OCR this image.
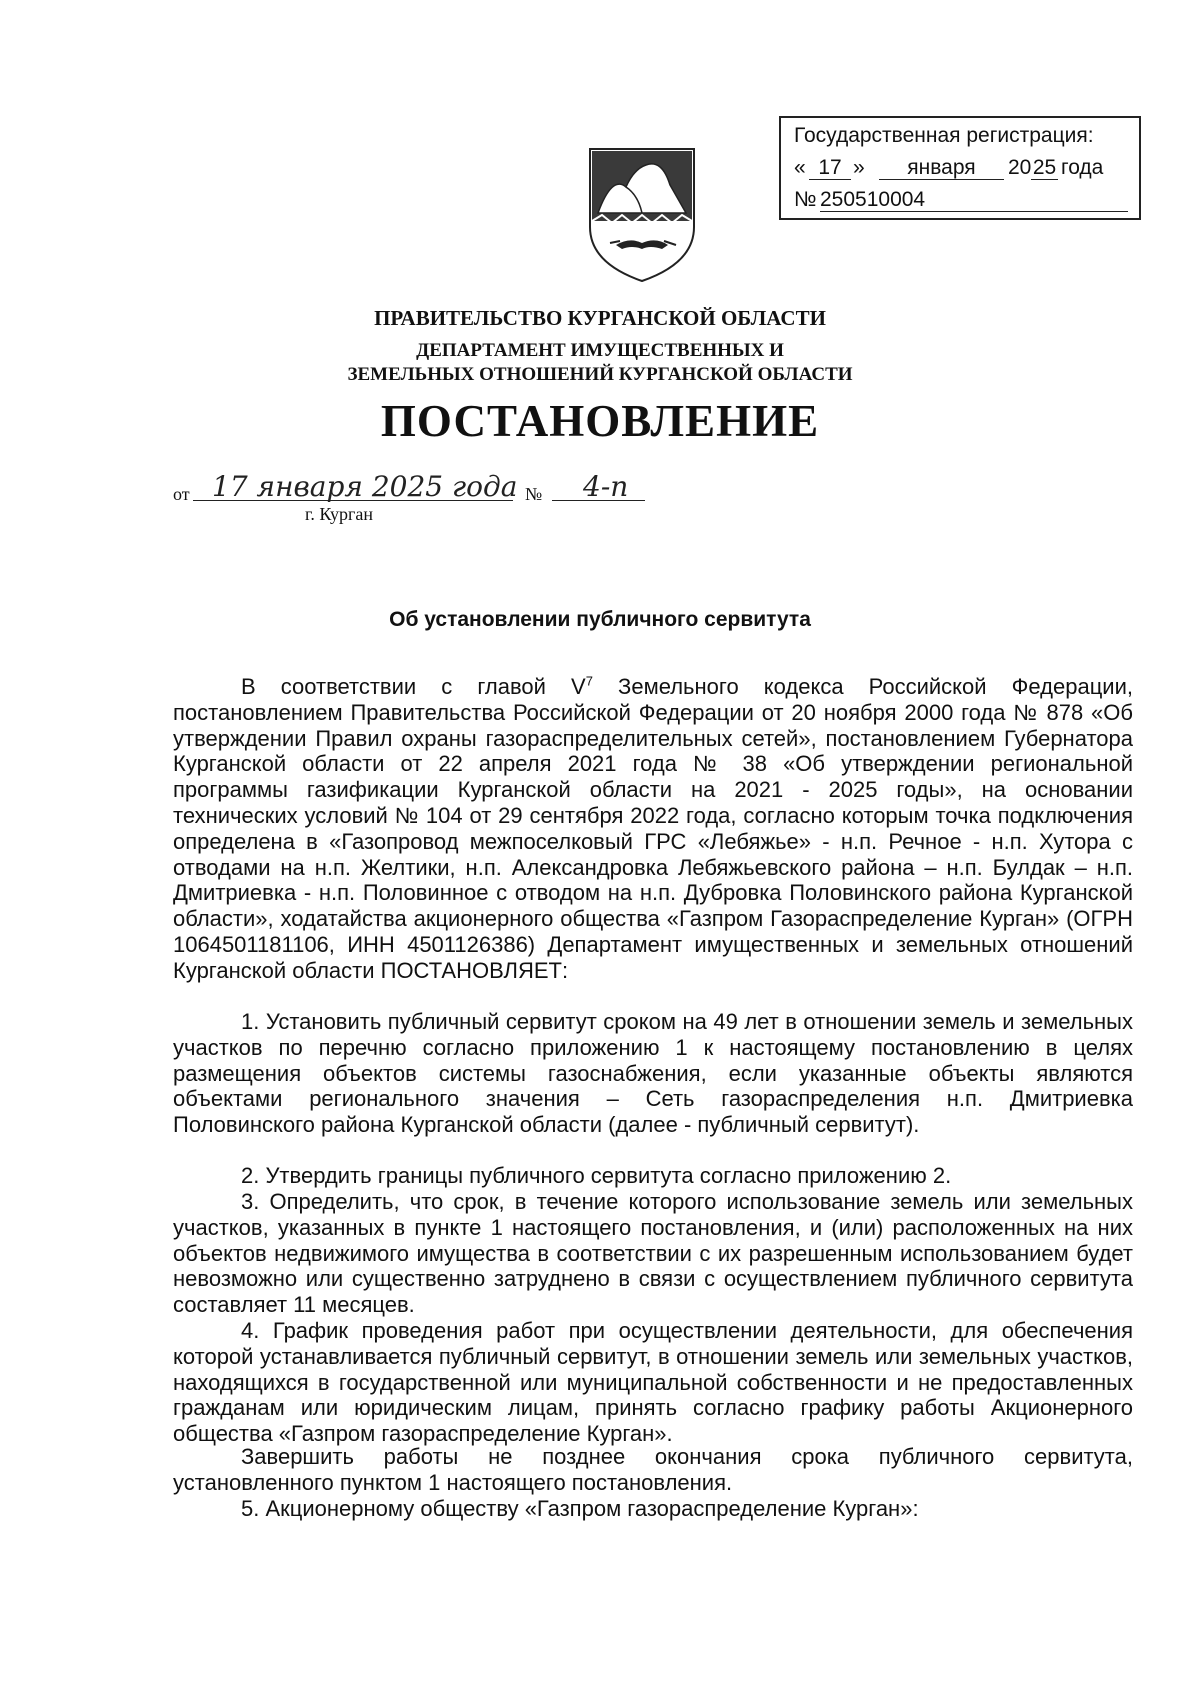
Государственная регистрация:
« 17 »	января	20 25 года
№ 250510004
ПРАВИТЕЛЬСТВО КУРГАНСКОЙ ОБЛАСТИ
ДЕПАРТАМЕНТ ИМУЩЕСТВЕННЫХ И
ЗЕМЕЛЬНЫХ ОТНОШЕНИЙ КУРГАНСКОЙ ОБЛАСТИ
ПОСТАНОВЛЕНИЕ
от 17 января 2025 года № 4-п
г. Курган
Об установлении публичного сервитута
В соответствии с главой $V^7$ Земельного кодекса Российской Федерации, постановлением Правительства Российской Федерации от 20 ноября 2000 года № 878 «Об утверждении Правил охраны газораспределительных сетей», постановлением Губернатора Курганской области от 22 апреля 2021 года № 38 «Об утверждении региональной программы газификации Курганской области на 2021 - 2025 годы», на основании технических условий № 104 от 29 сентября 2022 года, согласно которым точка подключения определена в «Газопровод межпоселковый ГРС «Лебяжье» - н.п. Речное - н.п. Хутора с отводами на н.п. Желтики, н.п. Александровка Лебяжьевского района – н.п. Булдак – н.п. Дмитриевка - н.п. Половинное с отводом на н.п. Дубровка Половинского района Курганской области», ходатайства акционерного общества «Газпром Газораспределение Курган» (ОГРН 1064501181106, ИНН 4501126386) Департамент имущественных и земельных отношений Курганской области ПОСТАНОВЛЯЕТ:
1. Установить публичный сервитут сроком на 49 лет в отношении земель и земельных участков по перечню согласно приложению 1 к настоящему постановлению в целях размещения объектов системы газоснабжения, если указанные объекты являются объектами регионального значения – Сеть газораспределения н.п. Дмитриевка Половинского района Курганской области (далее - публичный сервитут).
2. Утвердить границы публичного сервитута согласно приложению 2.
3. Определить, что срок, в течение которого использование земель или земельных участков, указанных в пункте 1 настоящего постановления, и (или) расположенных на них объектов недвижимого имущества в соответствии с их разрешенным использованием будет невозможно или существенно затруднено в связи с осуществлением публичного сервитута составляет 11 месяцев.
4. График проведения работ при осуществлении деятельности, для обеспечения которой устанавливается публичный сервитут, в отношении земель или земельных участков, находящихся в государственной или муниципальной собственности и не предоставленных гражданам или юридическим лицам, принять согласно графику работы Акционерного общества «Газпром газораспределение Курган».
Завершить работы не позднее окончания срока публичного сервитута, установленного пунктом 1 настоящего постановления.
5. Акционерному обществу «Газпром газораспределение Курган»:
